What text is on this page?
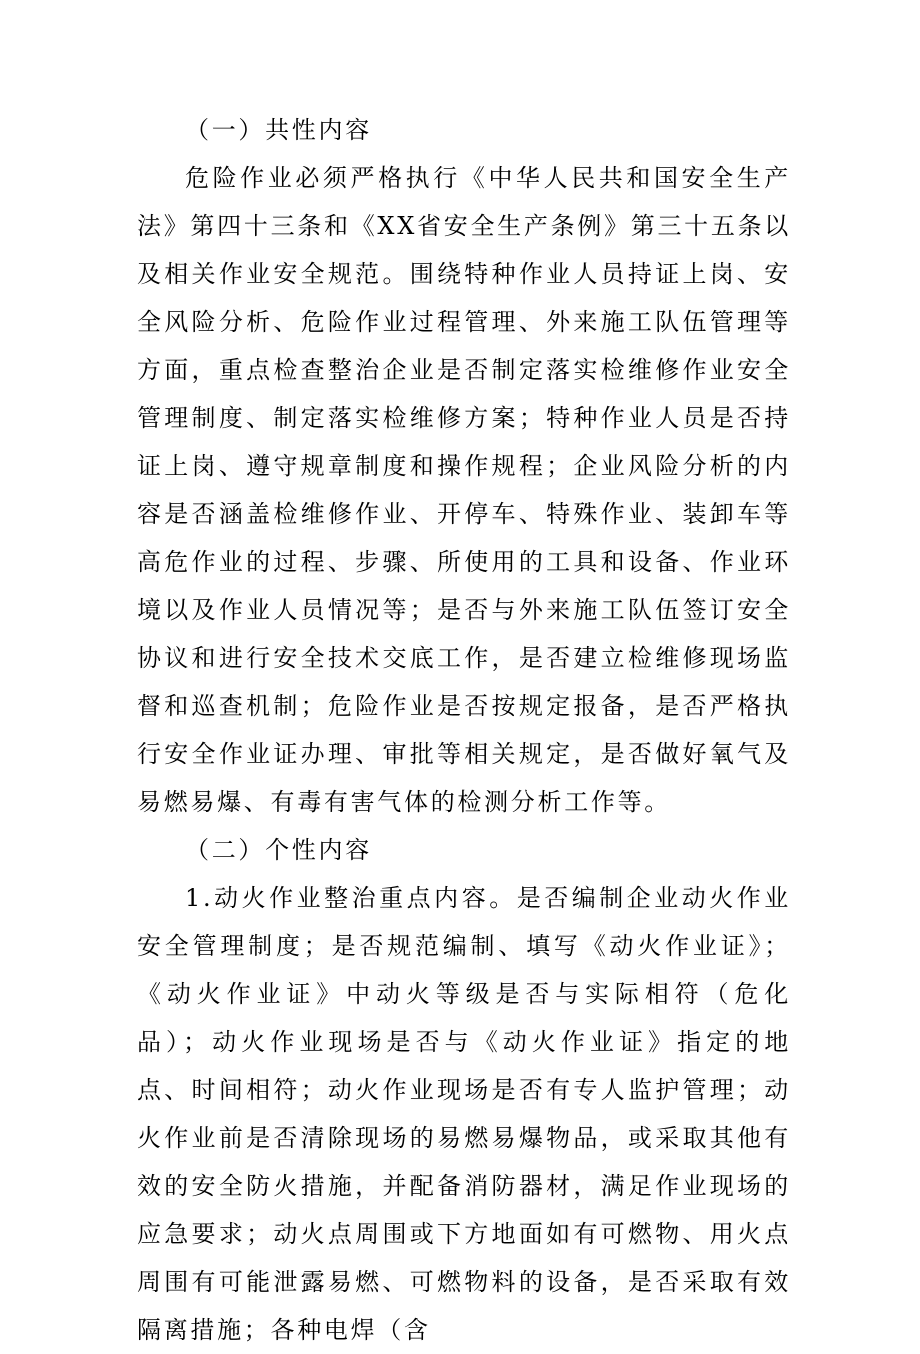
（一）共性内容

危险作业必须严格执行《中华人民共和国安全生产法》第四十三条和《XX省安全生产条例》第三十五条以及相关作业安全规范。围绕特种作业人员持证上岗、安全风险分析、危险作业过程管理、外来施工队伍管理等方面，重点检查整治企业是否制定落实检维修作业安全管理制度、制定落实检维修方案；特种作业人员是否持证上岗、遵守规章制度和操作规程；企业风险分析的内容是否涵盖检维修作业、开停车、特殊作业、装卸车等高危作业的过程、步骤、所使用的工具和设备、作业环境以及作业人员情况等；是否与外来施工队伍签订安全协议和进行安全技术交底工作，是否建立检维修现场监督和巡查机制；危险作业是否按规定报备，是否严格执行安全作业证办理、审批等相关规定，是否做好氧气及易燃易爆、有毒有害气体的检测分析工作等。

（二）个性内容

1.动火作业整治重点内容。是否编制企业动火作业安全管理制度；是否规范编制、填写《动火作业证》；《动火作业证》中动火等级是否与实际相符（危化品）；动火作业现场是否与《动火作业证》指定的地点、时间相符；动火作业现场是否有专人监护管理；动火作业前是否清除现场的易燃易爆物品，或采取其他有效的安全防火措施，并配备消防器材，满足作业现场的应急要求；动火点周围或下方地面如有可燃物、用火点周围有可能泄露易燃、可燃物料的设备，是否采取有效隔离措施；各种电焊（含
